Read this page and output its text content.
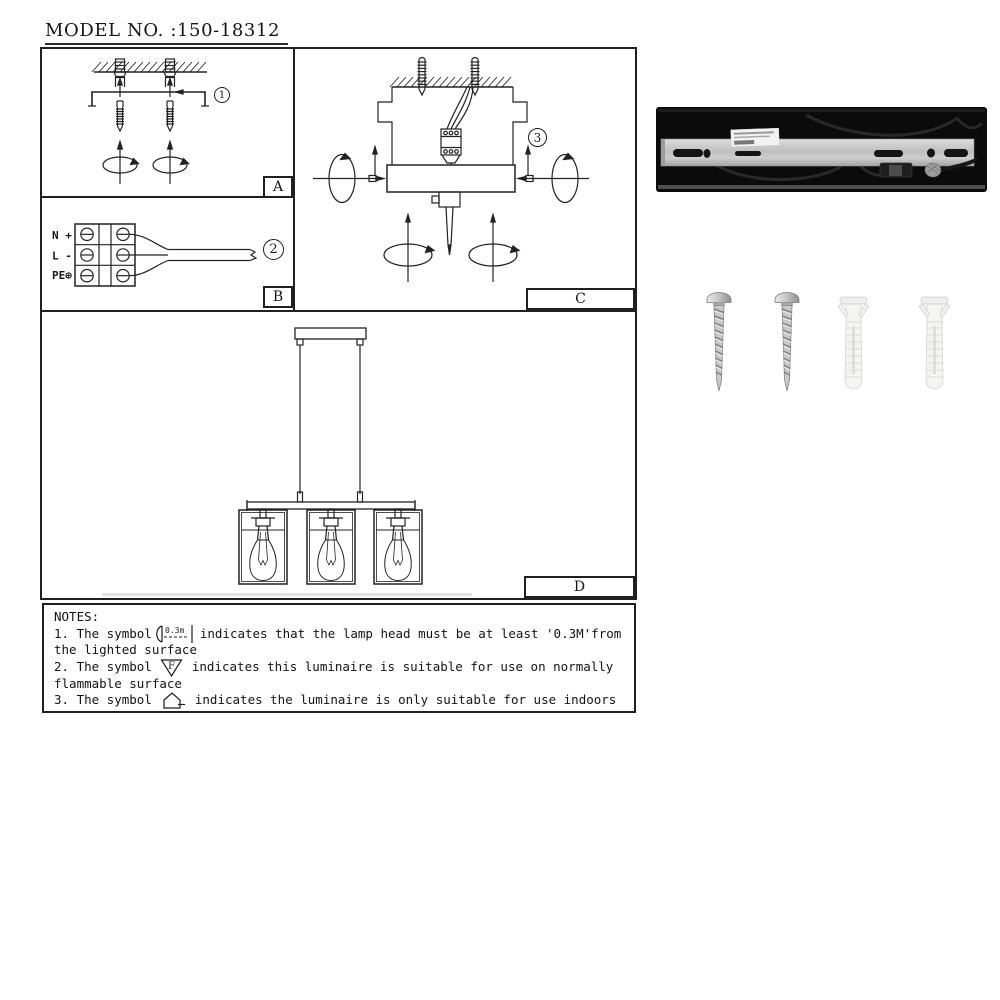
MODEL NO. :150-18312
1
A
N +
L -
PE⊕
2
B
3
C
D
NOTES:
1. The symbol 0.3m indicates that the lamp head must be at least '0.3M'from
the lighted surface
2. The symbol F indicates this luminaire is suitable for use on normally
flammable surface
3. The symbol indicates the luminaire is only suitable for use indoors
